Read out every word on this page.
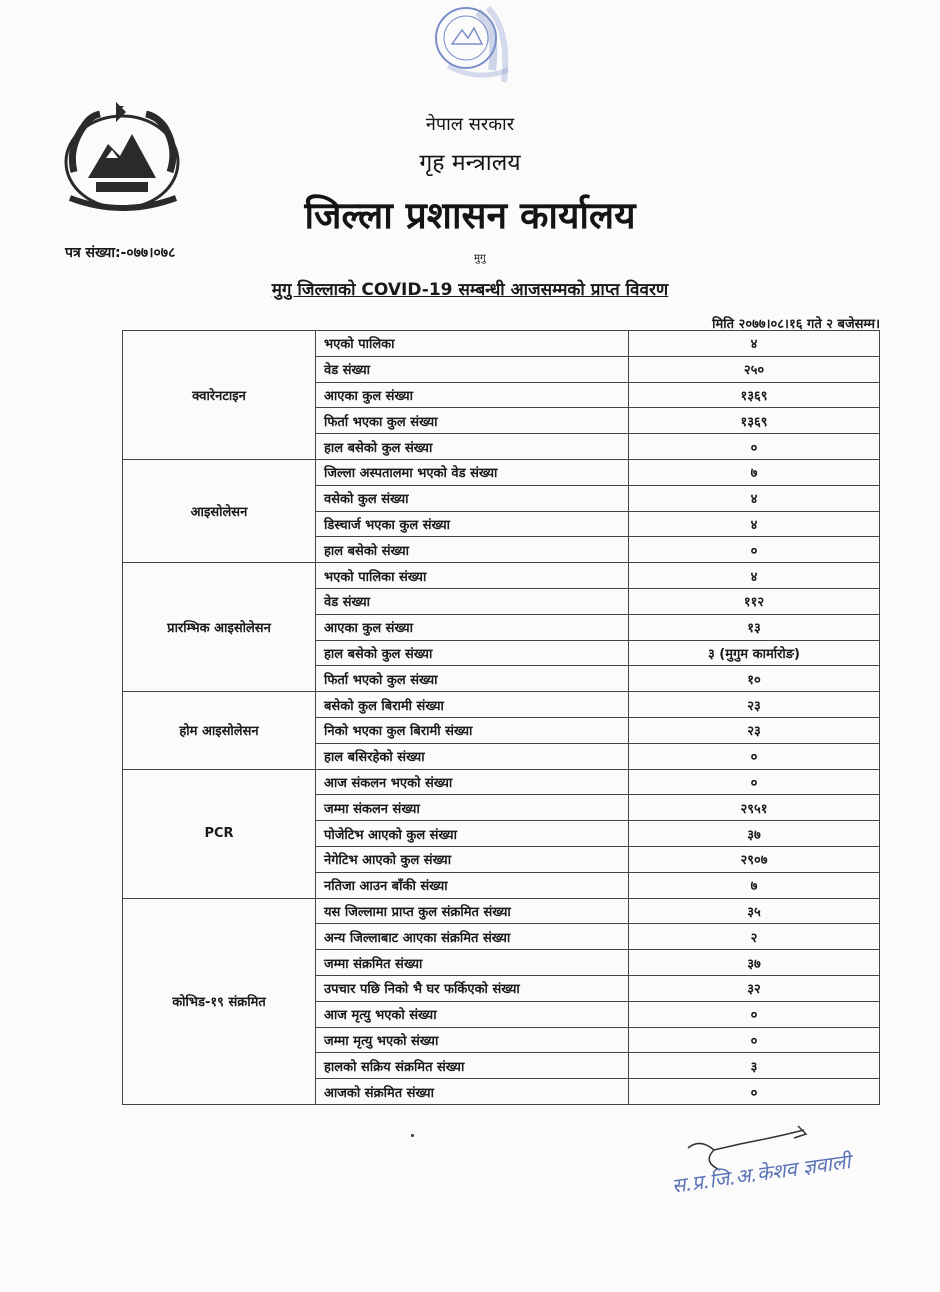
नेपाल सरकार
गृह मन्त्रालय
जिल्ला प्रशासन कार्यालय
पत्र संख्या:-०७७।०७८	मुगु
मुगु जिल्लाको COVID-19 सम्बन्धी आजसम्मको प्राप्त विवरण
मिति २०७७।०८।१६ गते २ बजेसम्म।
क्वारेनटाइन	भएको पालिका	४
	वेड संख्या	२५०
	आएका कुल संख्या	१३६९
	फिर्ता भएका कुल संख्या	१३६९
	हाल बसेको कुल संख्या	०
आइसोलेसन	जिल्ला अस्पतालमा भएको वेड संख्या	७
	वसेको कुल संख्या	४
	डिस्चार्ज भएका कुल संख्या	४
	हाल बसेको संख्या	०
प्रारम्भिक आइसोलेसन	भएको पालिका संख्या	४
	वेड संख्या	११२
	आएका कुल संख्या	१३
	हाल बसेको कुल संख्या	३ (मुगुम कार्मारोङ)
	फिर्ता भएको कुल संख्या	१०
होम आइसोलेसन	बसेको कुल बिरामी संख्या	२३
	निको भएका कुल बिरामी संख्या	२३
	हाल बसिरहेको संख्या	०
PCR	आज संकलन भएको संख्या	०
	जम्मा संकलन संख्या	२९५१
	पोजेटिभ आएको कुल संख्या	३७
	नेगेटिभ आएको कुल संख्या	२९०७
	नतिजा आउन बाँकी संख्या	७
कोभिड-१९ संक्रमित	यस जिल्लामा प्राप्त कुल संक्रमित संख्या	३५
	अन्य जिल्लाबाट आएका संक्रमित संख्या	२
	जम्मा संक्रमित संख्या	३७
	उपचार पछि निको भै घर फर्किएको संख्या	३२
	आज मृत्यु भएको संख्या	०
	जम्मा मृत्यु भएको संख्या	०
	हालको सक्रिय संक्रमित संख्या	३
	आजको संक्रमित संख्या	०
स.प्र.जि.अ.केशव ज्ञवाली
